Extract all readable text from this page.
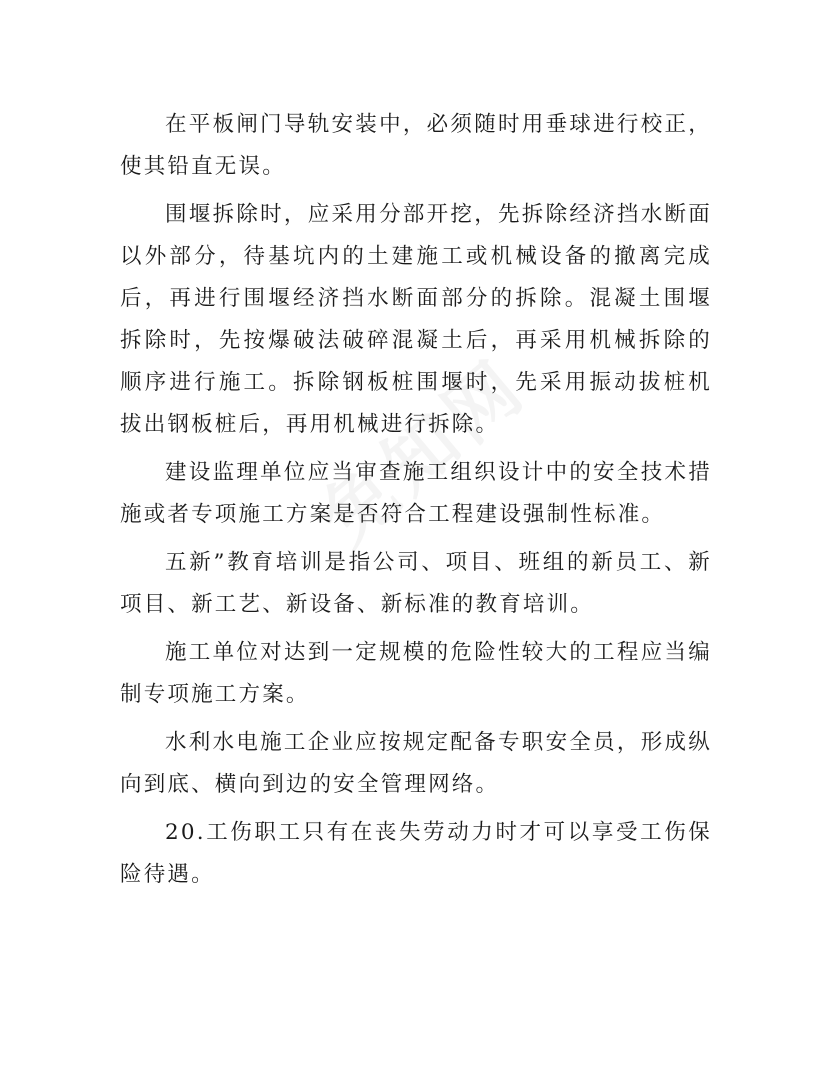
在平板闸门导轨安装中，必须随时用垂球进行校正，使其铅直无误。

围堰拆除时，应采用分部开挖，先拆除经济挡水断面以外部分，待基坑内的土建施工或机械设备的撤离完成后，再进行围堰经济挡水断面部分的拆除。混凝土围堰拆除时，先按爆破法破碎混凝土后，再采用机械拆除的顺序进行施工。拆除钢板桩围堰时，先采用振动拔桩机拔出钢板桩后，再用机械进行拆除。

建设监理单位应当审查施工组织设计中的安全技术措施或者专项施工方案是否符合工程建设强制性标准。

五新”教育培训是指公司、项目、班组的新员工、新项目、新工艺、新设备、新标准的教育培训。

施工单位对达到一定规模的危险性较大的工程应当编制专项施工方案。

水利水电施工企业应按规定配备专职安全员，形成纵向到底、横向到边的安全管理网络。

20.工伤职工只有在丧失劳动力时才可以享受工伤保险待遇。
